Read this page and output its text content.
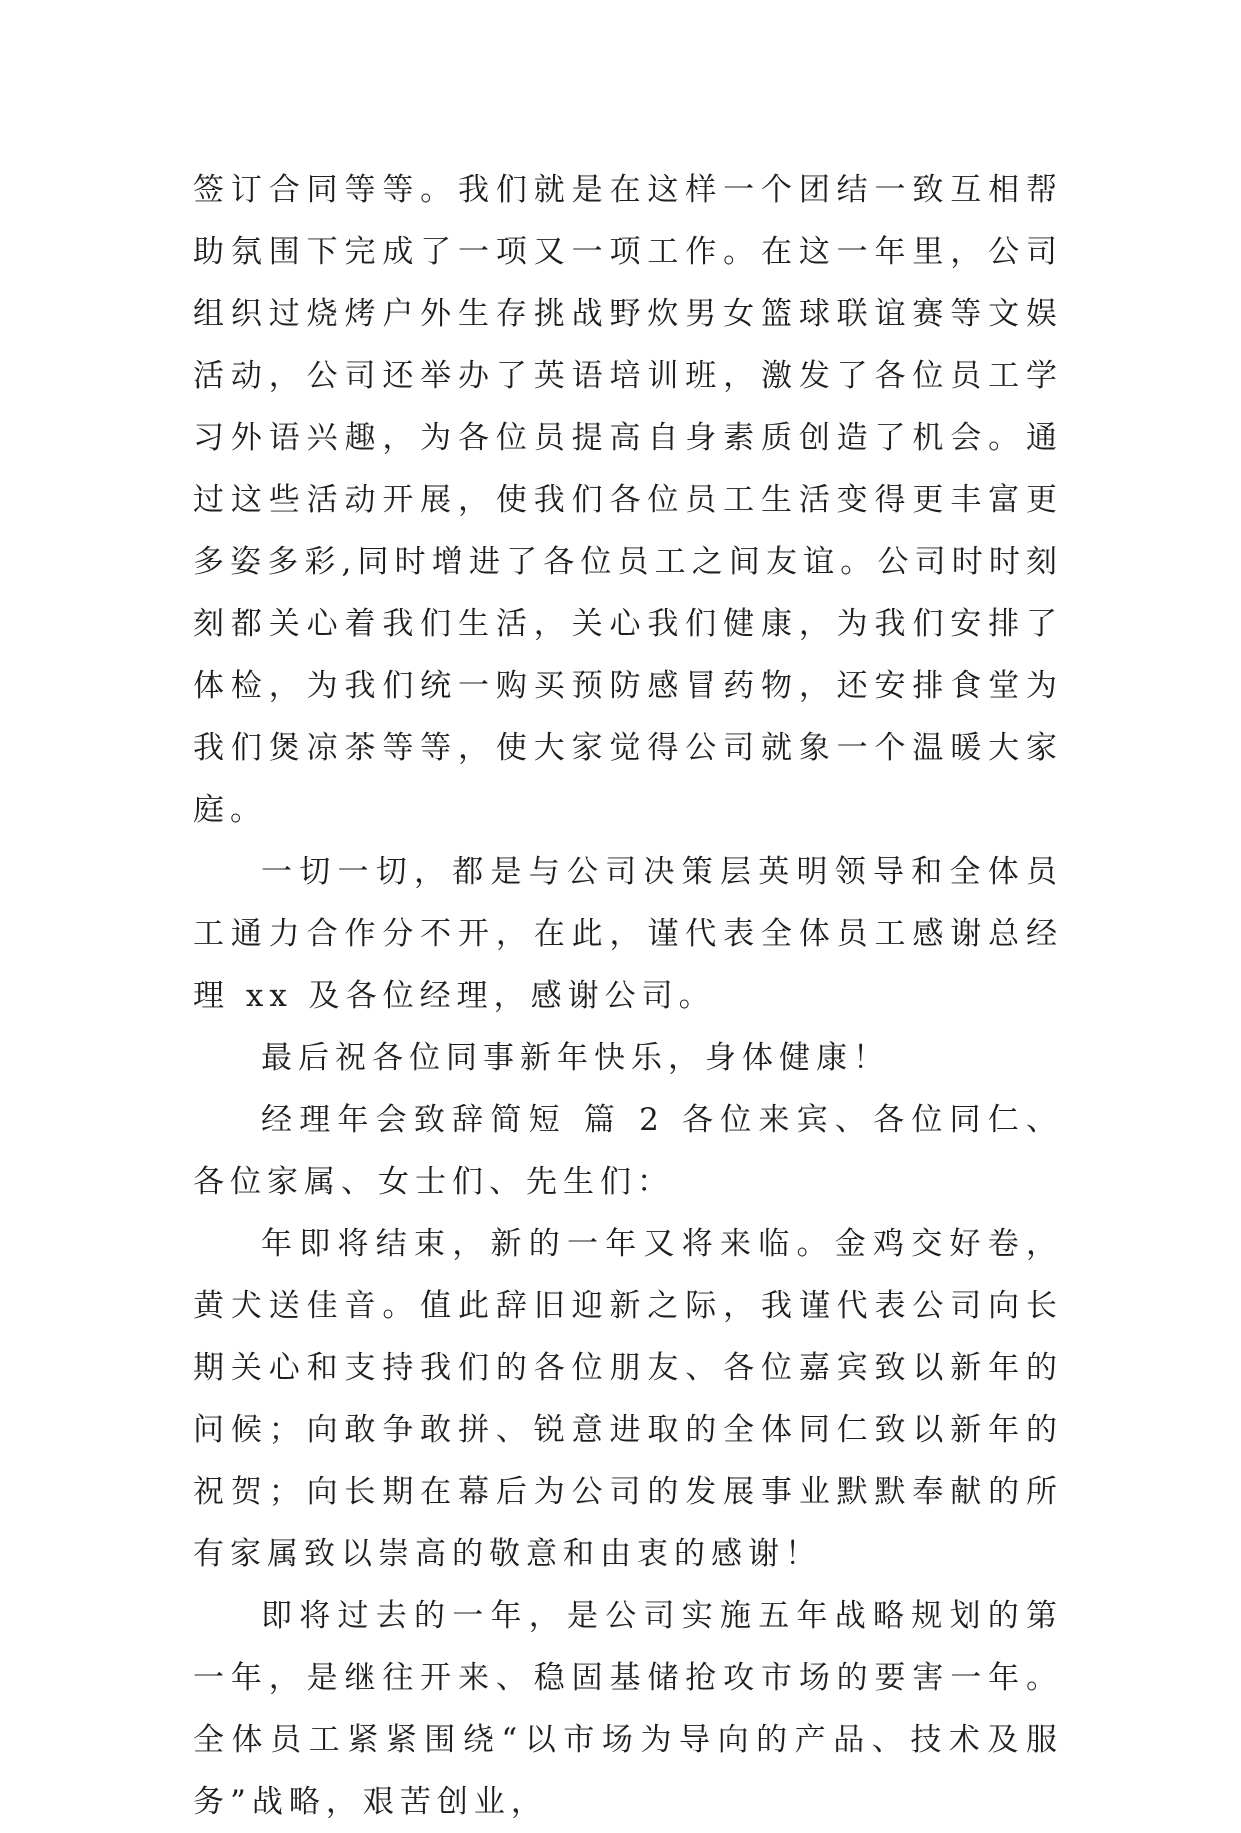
签订合同等等。我们就是在这样一个团结一致互相帮助氛围下完成了一项又一项工作。在这一年里，公司组织过烧烤户外生存挑战野炊男女篮球联谊赛等文娱活动，公司还举办了英语培训班，激发了各位员工学习外语兴趣，为各位员提高自身素质创造了机会。通过这些活动开展，使我们各位员工生活变得更丰富更多姿多彩,同时增进了各位员工之间友谊。公司时时刻刻都关心着我们生活，关心我们健康，为我们安排了体检，为我们统一购买预防感冒药物，还安排食堂为我们煲凉茶等等，使大家觉得公司就象一个温暖大家庭。

一切一切，都是与公司决策层英明领导和全体员工通力合作分不开，在此，谨代表全体员工感谢总经理 xx 及各位经理，感谢公司。

最后祝各位同事新年快乐，身体健康！

经理年会致辞简短 篇 2 各位来宾、各位同仁、各位家属、女士们、先生们：

年即将结束，新的一年又将来临。金鸡交好卷，黄犬送佳音。值此辞旧迎新之际，我谨代表公司向长期关心和支持我们的各位朋友、各位嘉宾致以新年的问候；向敢争敢拼、锐意进取的全体同仁致以新年的祝贺；向长期在幕后为公司的发展事业默默奉献的所有家属致以崇高的敬意和由衷的感谢！

即将过去的一年，是公司实施五年战略规划的第一年，是继往开来、稳固基储抢攻市场的要害一年。全体员工紧紧围绕“以市场为导向的产品、技术及服务”战略，艰苦创业，
